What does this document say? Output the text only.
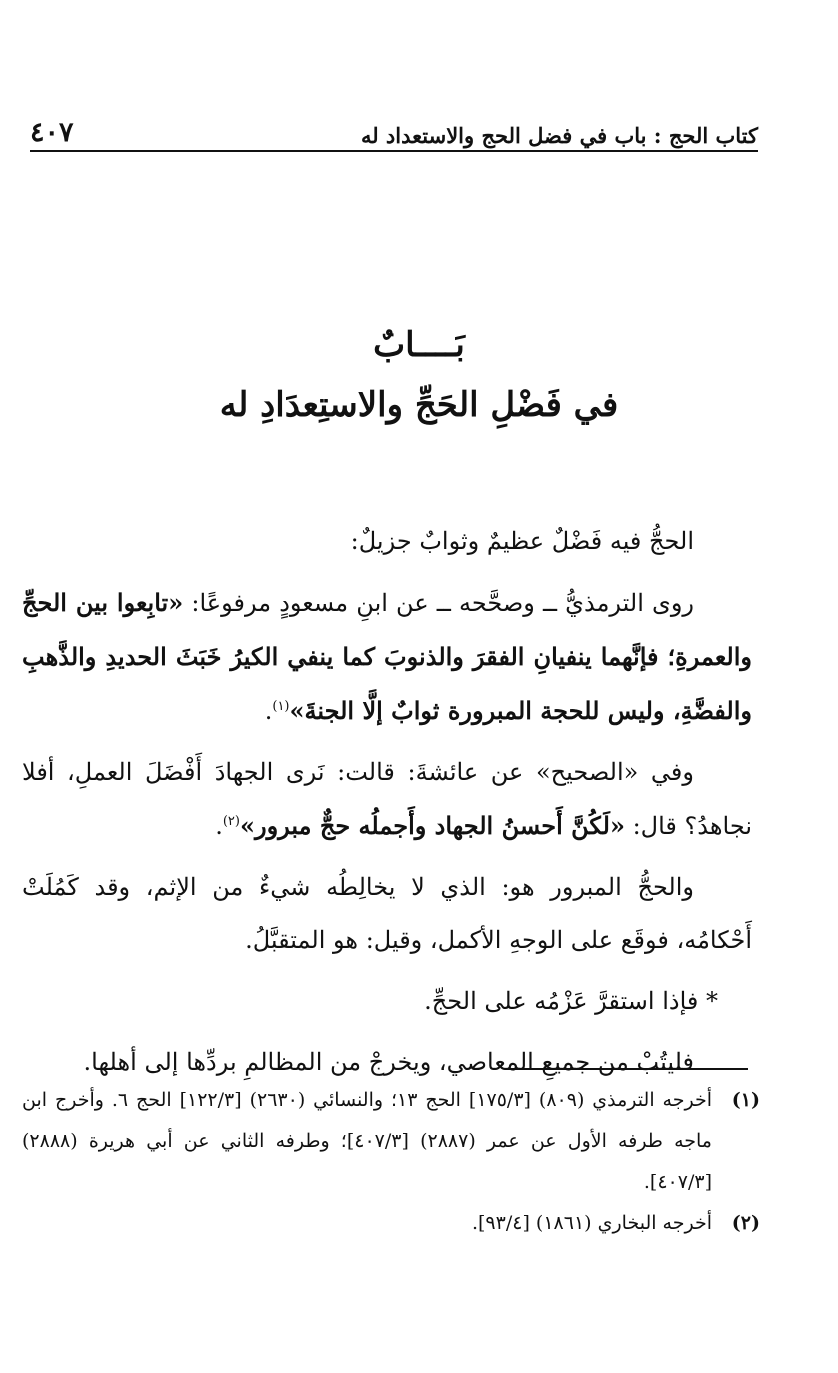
٤٠٧	كتاب الحج : باب في فضل الحج والاستعداد له
بَــــابٌ
في فَضْلِ الحَجِّ والاستِعدَادِ له

الحجُّ فيه فَضْلٌ عظيمٌ وثوابٌ جزيلٌ:

روى الترمذيُّ ــ وصحَّحه ــ عن ابنِ مسعودٍ مرفوعًا: «تابِعوا بين الحجِّ والعمرةِ؛ فإنَّهما ينفيانِ الفقرَ والذنوبَ كما ينفي الكيرُ خَبَثَ الحديدِ والذَّهبِ والفضَّةِ، وليس للحجة المبرورة ثوابٌ إلَّا الجنةَ»$^{(١)}$.

وفي «الصحيح» عن عائشةَ: قالت: نَرى الجهادَ أَفْضَلَ العملِ، أفلا نجاهدُ؟ قال: «لَكُنَّ أَحسنُ الجهاد وأَجملُه حجٌّ مبرور»$^{(٢)}$.

والحجُّ المبرور هو: الذي لا يخالِطُه شيءٌ من الإثم، وقد كَمُلَتْ أَحْكامُه، فوقَع على الوجهِ الأكمل، وقيل: هو المتقبَّلُ.

* فإذا استقرَّ عَزْمُه على الحجِّ.

فليتُبْ من جميعِ المعاصي، ويخرجْ من المظالمِ بردِّها إلى أهلها.

(١)
أخرجه الترمذي (٨٠٩) [١٧٥/٣] الحج ١٣؛ والنسائي (٢٦٣٠) [١٢٢/٣] الحج ٦. وأخرج ابن ماجه طرفه الأول عن عمر (٢٨٨٧) [٤٠٧/٣]؛ وطرفه الثاني عن أبي هريرة (٢٨٨٨) [٤٠٧/٣].
(٢)
أخرجه البخاري (١٨٦١) [٩٣/٤].
